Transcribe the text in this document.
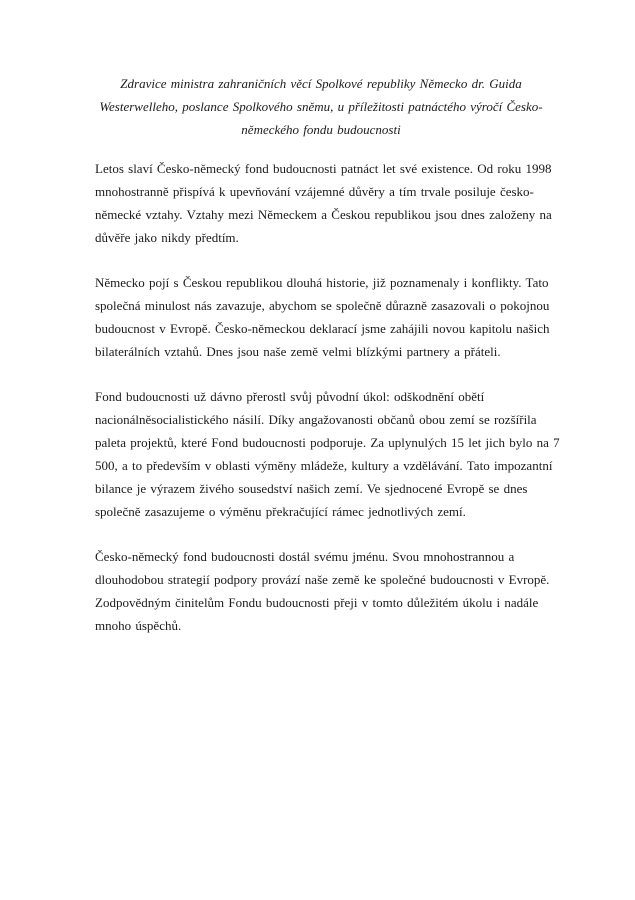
Zdravice ministra zahraničních věcí Spolkové republiky Německo dr. Guida
Westerwelleho, poslance Spolkového sněmu, u příležitosti patnáctého výročí Česko-
německého fondu budoucnosti
Letos slaví Česko-německý fond budoucnosti patnáct let své existence. Od roku 1998
mnohostranně přispívá k upevňování vzájemné důvěry a tím trvale posiluje česko-
německé vztahy. Vztahy mezi Německem a Českou republikou jsou dnes založeny na
důvěře jako nikdy předtím.
Německo pojí s Českou republikou dlouhá historie, již poznamenaly i konflikty. Tato
společná minulost nás zavazuje, abychom se společně důrazně zasazovali o pokojnou
budoucnost v Evropě. Česko-německou deklarací jsme zahájili novou kapitolu našich
bilaterálních vztahů. Dnes jsou naše země velmi blízkými partnery a přáteli.
Fond budoucnosti už dávno přerostl svůj původní úkol: odškodnění obětí
nacionálněsocialistického násilí. Díky angažovanosti občanů obou zemí se rozšířila
paleta projektů, které Fond budoucnosti podporuje. Za uplynulých 15 let jich bylo na 7
500, a to především v oblasti výměny mládeže, kultury a vzdělávání. Tato impozantní
bilance je výrazem živého sousedství našich zemí. Ve sjednocené Evropě se dnes
společně zasazujeme o výměnu překračující rámec jednotlivých zemí.
Česko-německý fond budoucnosti dostál svému jménu. Svou mnohostrannou a
dlouhodobou strategií podpory provází naše země ke společné budoucnosti v Evropě.
Zodpovědným činitelům Fondu budoucnosti přeji v tomto důležitém úkolu i nadále
mnoho úspěchů.
